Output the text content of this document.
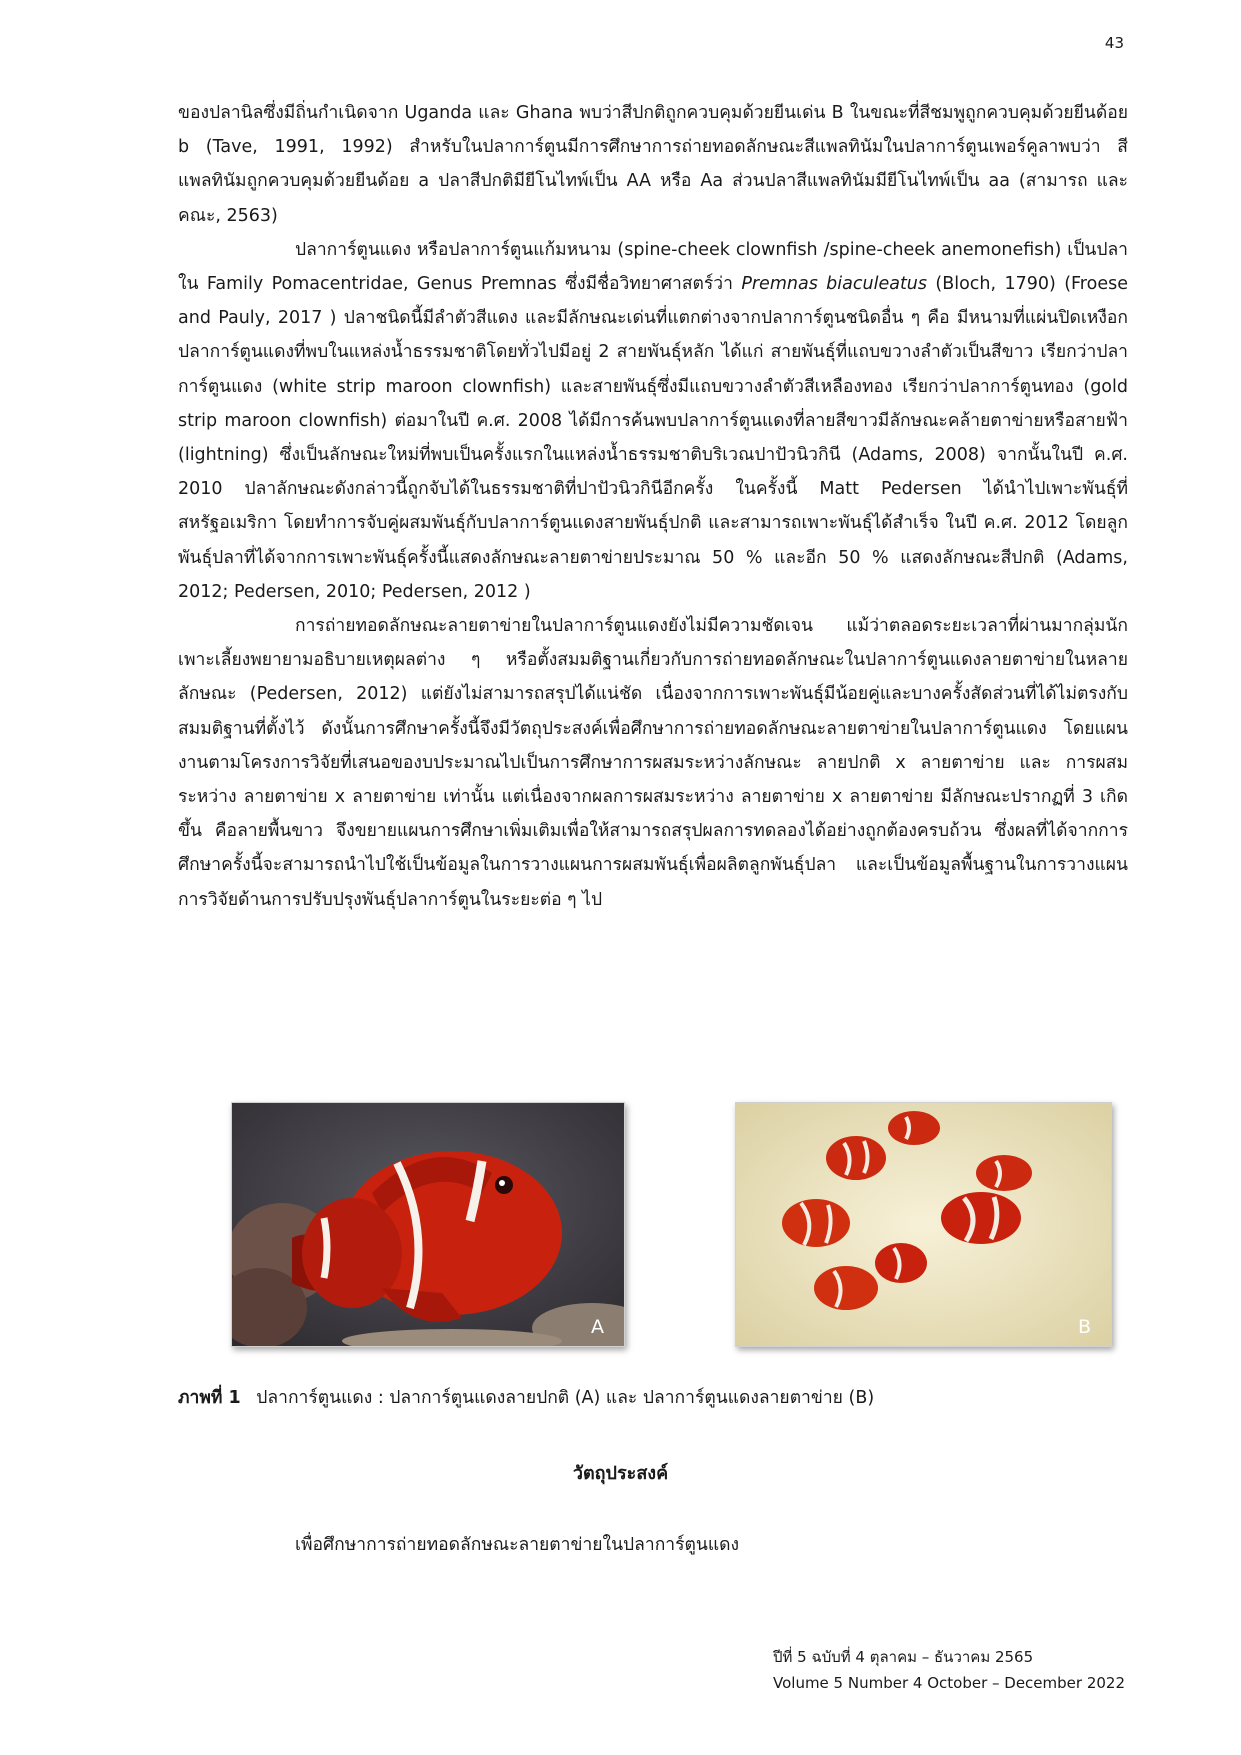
43

ของปลานิลซึ่งมีถิ่นกำเนิดจาก Uganda และ Ghana พบว่าสีปกติถูกควบคุมด้วยยีนเด่น B ในขณะที่สีชมพูถูกควบคุมด้วยยีนด้อย b (Tave, 1991, 1992) สำหรับในปลาการ์ตูนมีการศึกษาการถ่ายทอดลักษณะสีแพลทินัมในปลาการ์ตูนเพอร์คูลาพบว่า สีแพลทินัมถูกควบคุมด้วยยีนด้อย a ปลาสีปกติมียีโนไทพ์เป็น AA หรือ Aa ส่วนปลาสีแพลทินัมมียีโนไทพ์เป็น aa (สามารถ และคณะ, 2563)

ปลาการ์ตูนแดง หรือปลาการ์ตูนแก้มหนาม (spine-cheek clownfish /spine-cheek anemonefish) เป็นปลาใน Family Pomacentridae, Genus Premnas ซึ่งมีชื่อวิทยาศาสตร์ว่า Premnas biaculeatus (Bloch, 1790) (Froese and Pauly, 2017 ) ปลาชนิดนี้มีลำตัวสีแดง และมีลักษณะเด่นที่แตกต่างจากปลาการ์ตูนชนิดอื่น ๆ คือ มีหนามที่แผ่นปิดเหงือก ปลาการ์ตูนแดงที่พบในแหล่งน้ำธรรมชาติโดยทั่วไปมีอยู่ 2 สายพันธุ์หลัก ได้แก่ สายพันธุ์ที่แถบขวางลำตัวเป็นสีขาว เรียกว่าปลาการ์ตูนแดง (white strip maroon clownfish) และสายพันธุ์ซึ่งมีแถบขวางลำตัวสีเหลืองทอง เรียกว่าปลาการ์ตูนทอง (gold strip maroon clownfish) ต่อมาในปี ค.ศ. 2008 ได้มีการค้นพบปลาการ์ตูนแดงที่ลายสีขาวมีลักษณะคล้ายตาข่ายหรือสายฟ้า (lightning) ซึ่งเป็นลักษณะใหม่ที่พบเป็นครั้งแรกในแหล่งน้ำธรรมชาติบริเวณปาปัวนิวกินี (Adams, 2008) จากนั้นในปี ค.ศ. 2010 ปลาลักษณะดังกล่าวนี้ถูกจับได้ในธรรมชาติที่ปาปัวนิวกินีอีกครั้ง ในครั้งนี้ Matt Pedersen ได้นำไปเพาะพันธุ์ที่สหรัฐอเมริกา โดยทำการจับคู่ผสมพันธุ์กับปลาการ์ตูนแดงสายพันธุ์ปกติ และสามารถเพาะพันธุ์ได้สำเร็จ ในปี ค.ศ. 2012 โดยลูกพันธุ์ปลาที่ได้จากการเพาะพันธุ์ครั้งนี้แสดงลักษณะลายตาข่ายประมาณ 50 % และอีก 50 % แสดงลักษณะสีปกติ (Adams, 2012; Pedersen, 2010; Pedersen, 2012 )

การถ่ายทอดลักษณะลายตาข่ายในปลาการ์ตูนแดงยังไม่มีความชัดเจน แม้ว่าตลอดระยะเวลาที่ผ่านมากลุ่มนักเพาะเลี้ยงพยายามอธิบายเหตุผลต่าง ๆ หรือตั้งสมมติฐานเกี่ยวกับการถ่ายทอดลักษณะในปลาการ์ตูนแดงลายตาข่ายในหลายลักษณะ (Pedersen, 2012) แต่ยังไม่สามารถสรุปได้แน่ชัด เนื่องจากการเพาะพันธุ์มีน้อยคู่และบางครั้งสัดส่วนที่ได้ไม่ตรงกับสมมติฐานที่ตั้งไว้ ดังนั้นการศึกษาครั้งนี้จึงมีวัตถุประสงค์เพื่อศึกษาการถ่ายทอดลักษณะลายตาข่ายในปลาการ์ตูนแดง โดยแผนงานตามโครงการวิจัยที่เสนอของบประมาณไปเป็นการศึกษาการผสมระหว่างลักษณะ ลายปกติ x ลายตาข่าย และ การผสมระหว่าง ลายตาข่าย x ลายตาข่าย เท่านั้น แต่เนื่องจากผลการผสมระหว่าง ลายตาข่าย x ลายตาข่าย มีลักษณะปรากฏที่ 3 เกิดขึ้น คือลายพื้นขาว จึงขยายแผนการศึกษาเพิ่มเติมเพื่อให้สามารถสรุปผลการทดลองได้อย่างถูกต้องครบถ้วน ซึ่งผลที่ได้จากการศึกษาครั้งนี้จะสามารถนำไปใช้เป็นข้อมูลในการวางแผนการผสมพันธุ์เพื่อผลิตลูกพันธุ์ปลา และเป็นข้อมูลพื้นฐานในการวางแผนการวิจัยด้านการปรับปรุงพันธุ์ปลาการ์ตูนในระยะต่อ ๆ ไป

A	B
ภาพที่ 1 ปลาการ์ตูนแดง : ปลาการ์ตูนแดงลายปกติ (A) และ ปลาการ์ตูนแดงลายตาข่าย (B)
วัตถุประสงค์
เพื่อศึกษาการถ่ายทอดลักษณะลายตาข่ายในปลาการ์ตูนแดง
ปีที่ 5 ฉบับที่ 4 ตุลาคม – ธันวาคม 2565
Volume 5 Number 4 October – December 2022
